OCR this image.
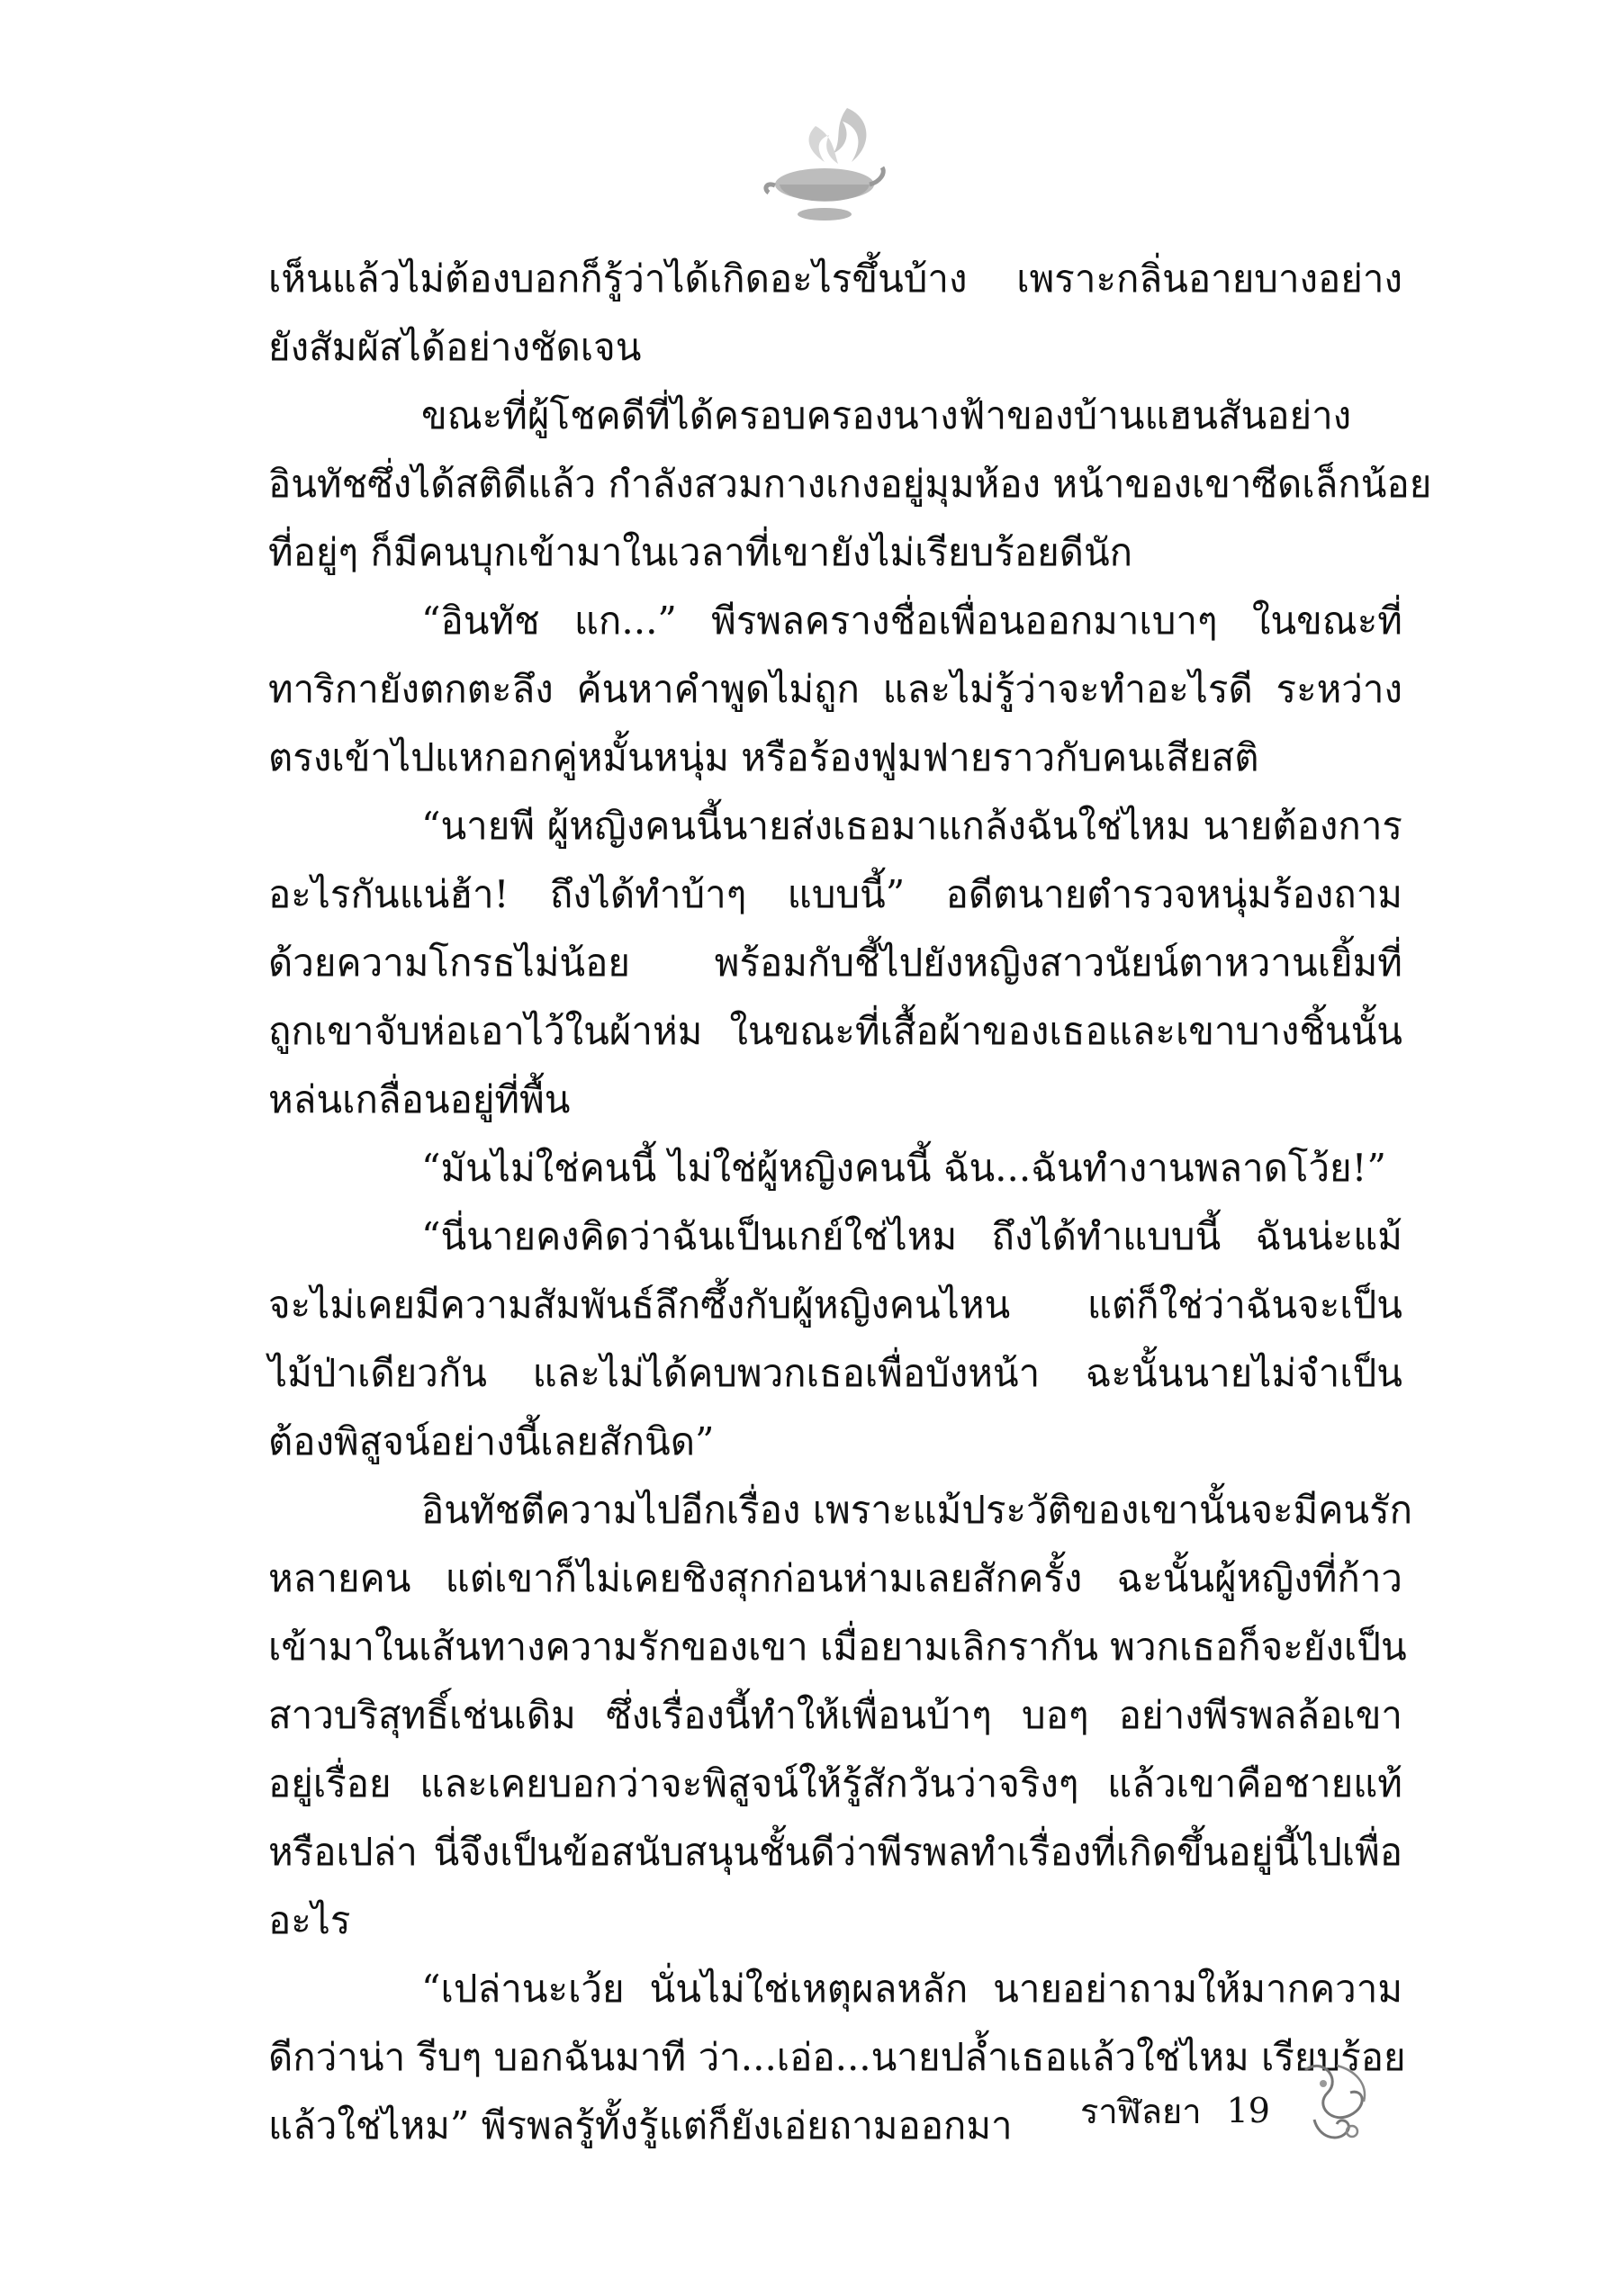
เห็นแล้วไม่ต้องบอกก็รู้ว่าได้เกิดอะไรขึ้นบ้าง เพราะกลิ่นอายบางอย่าง
ยังสัมผัสได้อย่างชัดเจน
ขณะที่ผู้โชคดีที่ได้ครอบครองนางฟ้าของบ้านแฮนสันอย่าง
อินทัชซึ่งได้สติดีแล้ว กำลังสวมกางเกงอยู่มุมห้อง หน้าของเขาซีดเล็กน้อย
ที่อยู่ๆ ก็มีคนบุกเข้ามาในเวลาที่เขายังไม่เรียบร้อยดีนัก
“อินทัช แก...” พีรพลครางชื่อเพื่อนออกมาเบาๆ ในขณะที่
ทาริกายังตกตะลึง ค้นหาคำพูดไม่ถูก และไม่รู้ว่าจะทำอะไรดี ระหว่าง
ตรงเข้าไปแหกอกคู่หมั้นหนุ่ม หรือร้องฟูมฟายราวกับคนเสียสติ
“นายพี ผู้หญิงคนนี้นายส่งเธอมาแกล้งฉันใช่ไหม นายต้องการ
อะไรกันแน่ฮ้า! ถึงได้ทำบ้าๆ แบบนี้” อดีตนายตำรวจหนุ่มร้องถาม
ด้วยความโกรธไม่น้อย พร้อมกับชี้ไปยังหญิงสาวนัยน์ตาหวานเยิ้มที่
ถูกเขาจับห่อเอาไว้ในผ้าห่ม ในขณะที่เสื้อผ้าของเธอและเขาบางชิ้นนั้น
หล่นเกลื่อนอยู่ที่พื้น
“มันไม่ใช่คนนี้ ไม่ใช่ผู้หญิงคนนี้ ฉัน...ฉันทำงานพลาดโว้ย!”
“นี่นายคงคิดว่าฉันเป็นเกย์ใช่ไหม ถึงได้ทำแบบนี้ ฉันน่ะแม้
จะไม่เคยมีความสัมพันธ์ลึกซึ้งกับผู้หญิงคนไหน แต่ก็ใช่ว่าฉันจะเป็น
ไม้ป่าเดียวกัน และไม่ได้คบพวกเธอเพื่อบังหน้า ฉะนั้นนายไม่จำเป็น
ต้องพิสูจน์อย่างนี้เลยสักนิด”
อินทัชตีความไปอีกเรื่อง เพราะแม้ประวัติของเขานั้นจะมีคนรัก
หลายคน แต่เขาก็ไม่เคยชิงสุกก่อนห่ามเลยสักครั้ง ฉะนั้นผู้หญิงที่ก้าว
เข้ามาในเส้นทางความรักของเขา เมื่อยามเลิกรากัน พวกเธอก็จะยังเป็น
สาวบริสุทธิ์เช่นเดิม ซึ่งเรื่องนี้ทำให้เพื่อนบ้าๆ บอๆ อย่างพีรพลล้อเขา
อยู่เรื่อย และเคยบอกว่าจะพิสูจน์ให้รู้สักวันว่าจริงๆ แล้วเขาคือชายแท้
หรือเปล่า นี่จึงเป็นข้อสนับสนุนชั้นดีว่าพีรพลทำเรื่องที่เกิดขึ้นอยู่นี้ไปเพื่อ
อะไร
“เปล่านะเว้ย นั่นไม่ใช่เหตุผลหลัก นายอย่าถามให้มากความ
ดีกว่าน่า รีบๆ บอกฉันมาที ว่า...เอ่อ...นายปล้ำเธอแล้วใช่ไหม เรียบร้อย
แล้วใช่ไหม” พีรพลรู้ทั้งรู้แต่ก็ยังเอ่ยถามออกมา	ราฬิลยา 19
